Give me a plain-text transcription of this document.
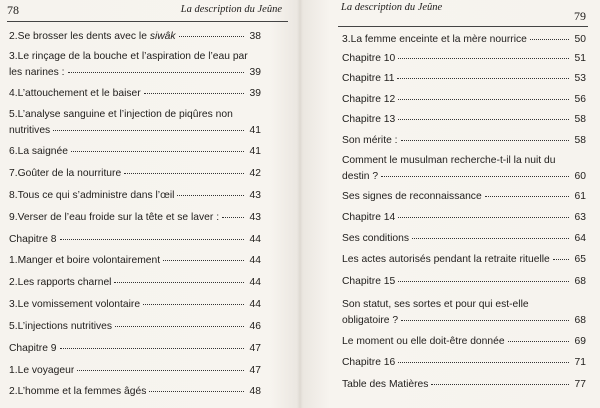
78	La description du Jeûne
2.Se brosser les dents avec le siwâk	38
3.Le rinçage de la bouche et l’aspiration de l’eau par
les narines :	39
4.L’attouchement et le baiser	39
5.L’analyse sanguine et l’injection de piqûres non
nutritives	41
6.La saignée	41
7.Goûter de la nourriture	42
8.Tous ce qui s’administre dans l’œil	43
9.Verser de l’eau froide sur la tête et se laver :	43
Chapitre 8	44
1.Manger et boire volontairement	44
2.Les rapports charnel	44
3.Le vomissement volontaire	44
5.L’injections nutritives	46
Chapitre 9	47
1.Le voyageur	47
2.L’homme et la femmes âgés	48
La description du Jeûne
79
3.La femme enceinte et la mère nourrice	50
Chapitre 10	51
Chapitre 11	53
Chapitre 12	56
Chapitre 13	58
Son mérite :	58
Comment le musulman recherche-t-il la nuit du
destin ?	60
Ses signes de reconnaissance	61
Chapitre 14	63
Ses conditions	64
Les actes autorisés pendant la retraite rituelle 65
Chapitre 15	68
Son statut, ses sortes et pour qui est-elle
obligatoire ?	68
Le moment ou elle doit-être donnée	69
Chapitre 16	71
Table des Matières	77
